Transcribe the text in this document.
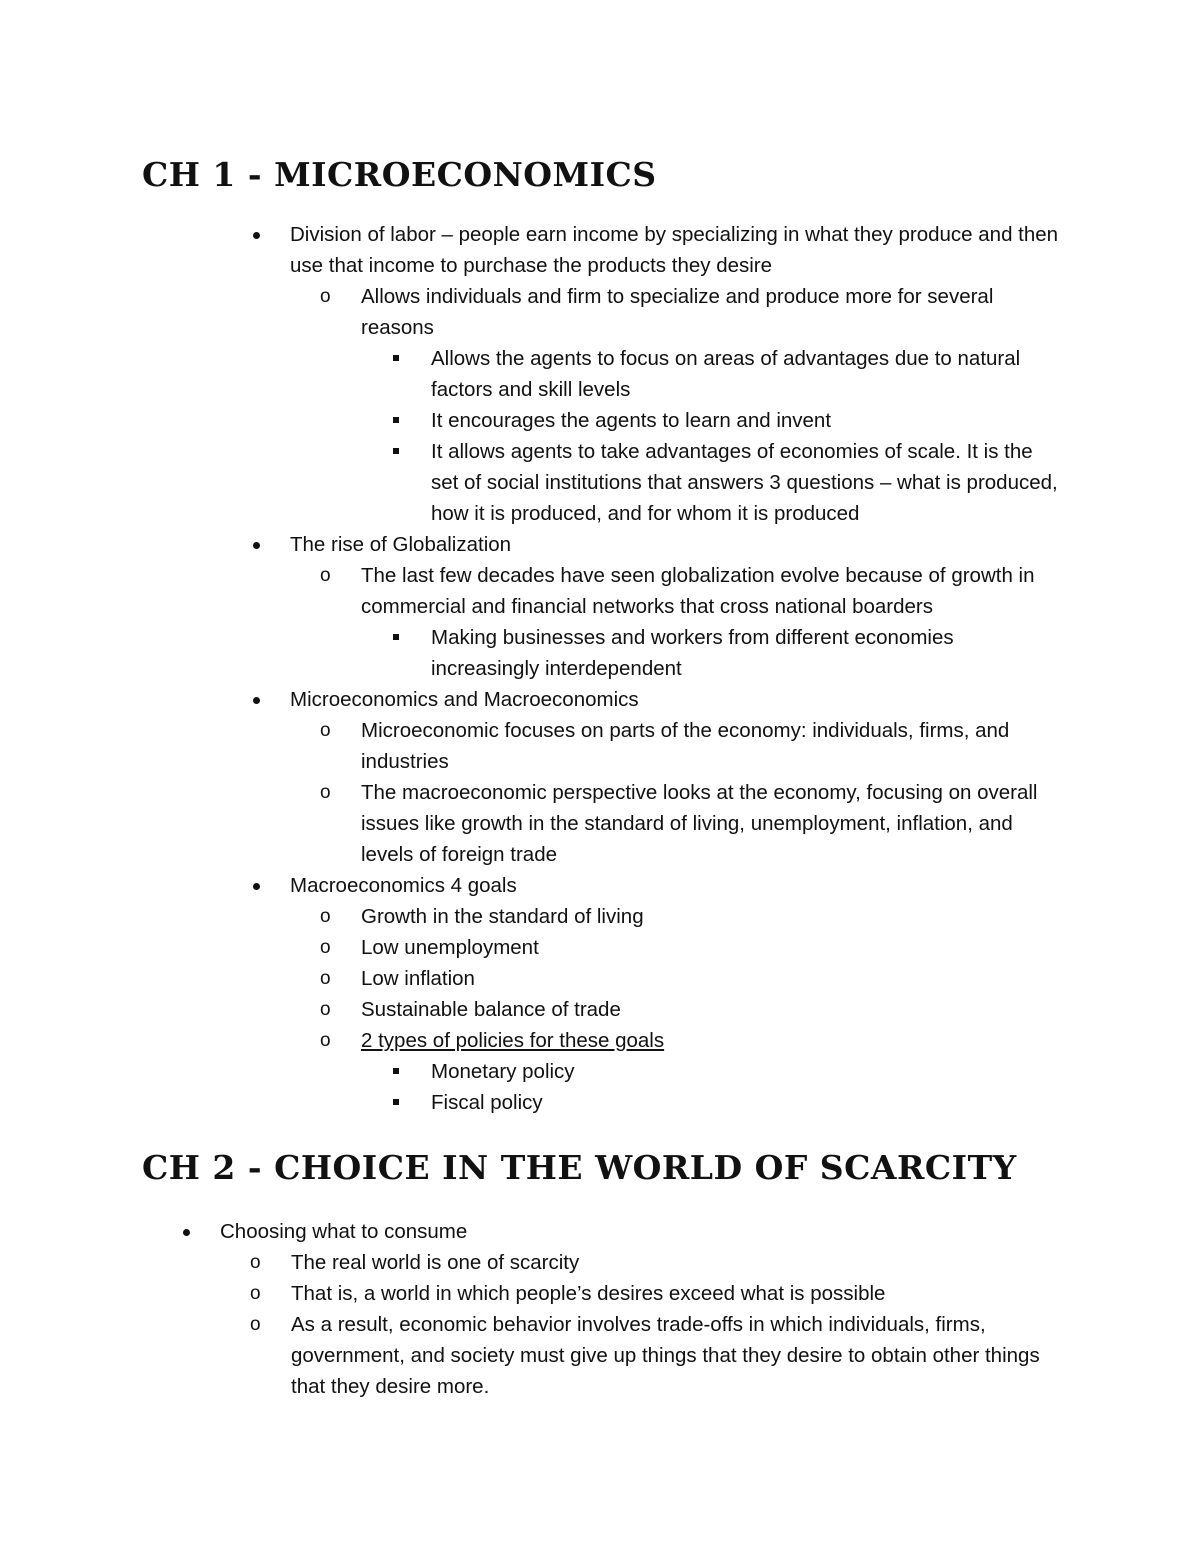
CH 1 - MICROECONOMICS
Division of labor – people earn income by specializing in what they produce and then use that income to purchase the products they desire
o Allows individuals and firm to specialize and produce more for several reasons
Allows the agents to focus on areas of advantages due to natural factors and skill levels
It encourages the agents to learn and invent
It allows agents to take advantages of economies of scale. It is the set of social institutions that answers 3 questions – what is produced, how it is produced, and for whom it is produced
The rise of Globalization
o The last few decades have seen globalization evolve because of growth in commercial and financial networks that cross national boarders
Making businesses and workers from different economies increasingly interdependent
Microeconomics and Macroeconomics
o Microeconomic focuses on parts of the economy: individuals, firms, and industries
o The macroeconomic perspective looks at the economy, focusing on overall issues like growth in the standard of living, unemployment, inflation, and levels of foreign trade
Macroeconomics 4 goals
o Growth in the standard of living
o Low unemployment
o Low inflation
o Sustainable balance of trade
o 2 types of policies for these goals
Monetary policy
Fiscal policy
CH 2 - CHOICE IN THE WORLD OF SCARCITY
Choosing what to consume
o The real world is one of scarcity
o That is, a world in which people’s desires exceed what is possible
o As a result, economic behavior involves trade-offs in which individuals, firms, government, and society must give up things that they desire to obtain other things that they desire more.
